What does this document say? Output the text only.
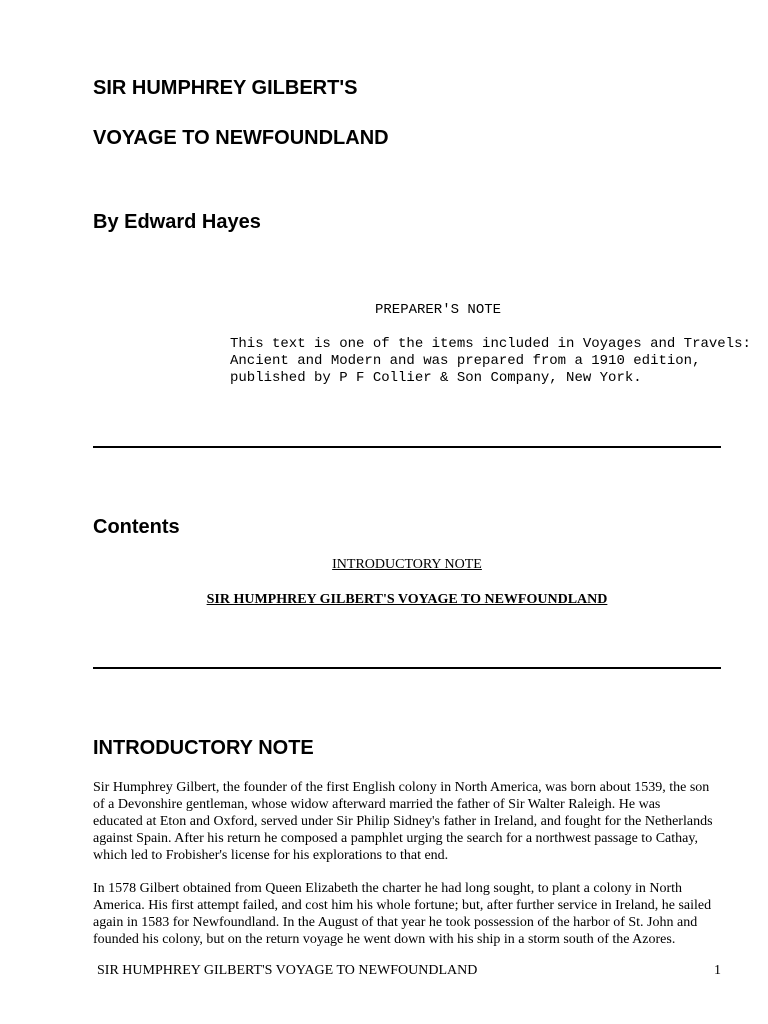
SIR HUMPHREY GILBERT'S
VOYAGE TO NEWFOUNDLAND
By Edward Hayes
PREPARER'S NOTE
This text is one of the items included in Voyages and Travels:
Ancient and Modern and was prepared from a 1910 edition,
published by P F Collier & Son Company, New York.
Contents
INTRODUCTORY NOTE
SIR HUMPHREY GILBERT'S VOYAGE TO NEWFOUNDLAND
INTRODUCTORY NOTE

Sir Humphrey Gilbert, the founder of the first English colony in North America, was born about 1539, the son
of a Devonshire gentleman, whose widow afterward married the father of Sir Walter Raleigh. He was
educated at Eton and Oxford, served under Sir Philip Sidney's father in Ireland, and fought for the Netherlands
against Spain. After his return he composed a pamphlet urging the search for a northwest passage to Cathay,
which led to Frobisher's license for his explorations to that end.

In 1578 Gilbert obtained from Queen Elizabeth the charter he had long sought, to plant a colony in North
America. His first attempt failed, and cost him his whole fortune; but, after further service in Ireland, he sailed
again in 1583 for Newfoundland. In the August of that year he took possession of the harbor of St. John and
founded his colony, but on the return voyage he went down with his ship in a storm south of the Azores.

SIR HUMPHREY GILBERT'S VOYAGE TO NEWFOUNDLAND	1
